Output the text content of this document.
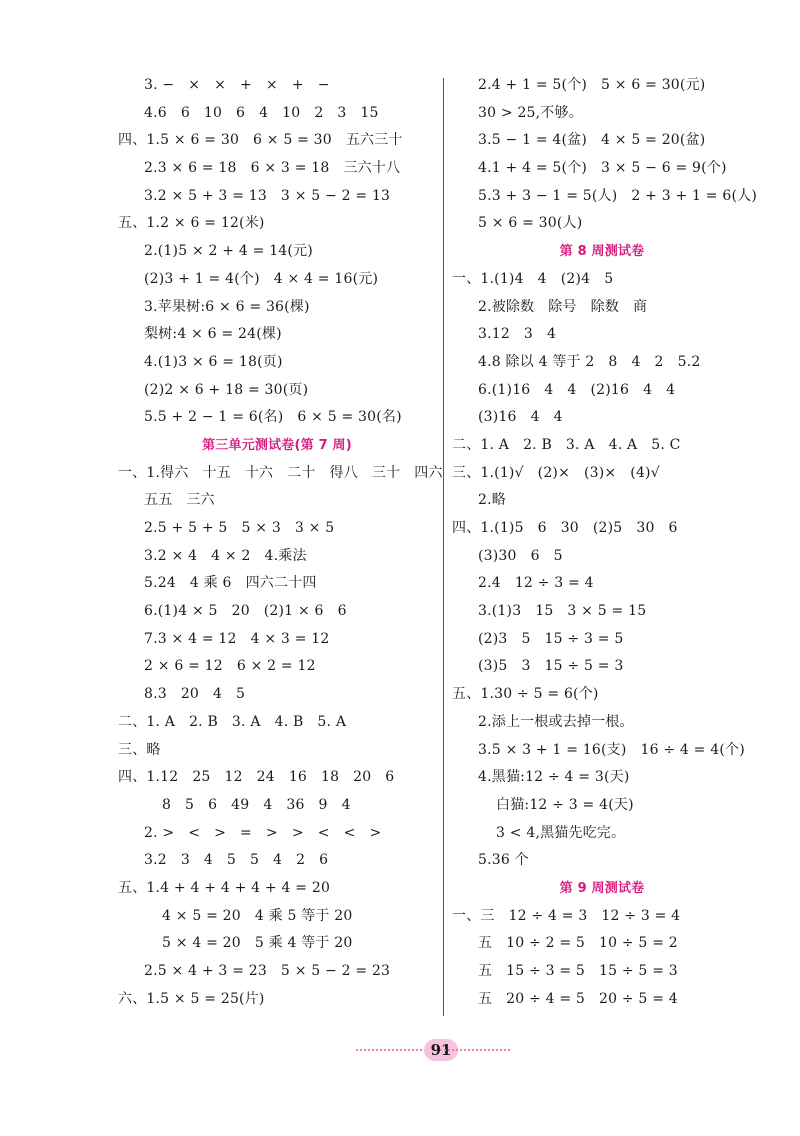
3. −   ×   ×   +   ×   +   −
4.6   6   10   6   4   10   2   3   15
四、1.5 × 6 = 30   6 × 5 = 30   五六三十
2.3 × 6 = 18   6 × 3 = 18   三六十八
3.2 × 5 + 3 = 13   3 × 5 − 2 = 13
五、1.2 × 6 = 12(米)
2.(1)5 × 2 + 4 = 14(元)
(2)3 + 1 = 4(个)   4 × 4 = 16(元)
3.苹果树:6 × 6 = 36(棵)
梨树:4 × 6 = 24(棵)
4.(1)3 × 6 = 18(页)
(2)2 × 6 + 18 = 30(页)
5.5 + 2 − 1 = 6(名)   6 × 5 = 30(名)
第三单元测试卷(第 7 周)
一、1.得六   十五   十六   二十   得八   三十   四六
五五   三六
2.5 + 5 + 5   5 × 3   3 × 5
3.2 × 4   4 × 2   4.乘法
5.24   4 乘 6   四六二十四
6.(1)4 × 5   20   (2)1 × 6   6
7.3 × 4 = 12   4 × 3 = 12
2 × 6 = 12   6 × 2 = 12
8.3   20   4   5
二、1. A   2. B   3. A   4. B   5. A
三、略
四、1.12   25   12   24   16   18   20   6
8   5   6   49   4   36   9   4
2. >   <   >   =   >   >   <   <   >
3.2   3   4   5   5   4   2   6
五、1.4 + 4 + 4 + 4 + 4 = 20
4 × 5 = 20   4 乘 5 等于 20
5 × 4 = 20   5 乘 4 等于 20
2.5 × 4 + 3 = 23   5 × 5 − 2 = 23
六、1.5 × 5 = 25(片)
2.4 + 1 = 5(个)   5 × 6 = 30(元)
30 > 25,不够。
3.5 − 1 = 4(盆)   4 × 5 = 20(盆)
4.1 + 4 = 5(个)   3 × 5 − 6 = 9(个)
5.3 + 3 − 1 = 5(人)   2 + 3 + 1 = 6(人)
5 × 6 = 30(人)
第 8 周测试卷
一、1.(1)4   4   (2)4   5
2.被除数   除号   除数   商
3.12   3   4
4.8 除以 4 等于 2   8   4   2   5.2
6.(1)16   4   4   (2)16   4   4
(3)16   4   4
二、1. A   2. B   3. A   4. A   5. C
三、1.(1)√   (2)×   (3)×   (4)√
2.略
四、1.(1)5   6   30   (2)5   30   6
(3)30   6   5
2.4   12 ÷ 3 = 4
3.(1)3   15   3 × 5 = 15
(2)3   5   15 ÷ 3 = 5
(3)5   3   15 ÷ 5 = 3
五、1.30 ÷ 5 = 6(个)
2.添上一根或去掉一根。
3.5 × 3 + 1 = 16(支)   16 ÷ 4 = 4(个)
4.黑猫:12 ÷ 4 = 3(天)
白猫:12 ÷ 3 = 4(天)
3 < 4,黑猫先吃完。
5.36 个
第 9 周测试卷
一、三   12 ÷ 4 = 3   12 ÷ 3 = 4
五   10 ÷ 2 = 5   10 ÷ 5 = 2
五   15 ÷ 3 = 5   15 ÷ 5 = 3
五   20 ÷ 4 = 5   20 ÷ 5 = 4
91
